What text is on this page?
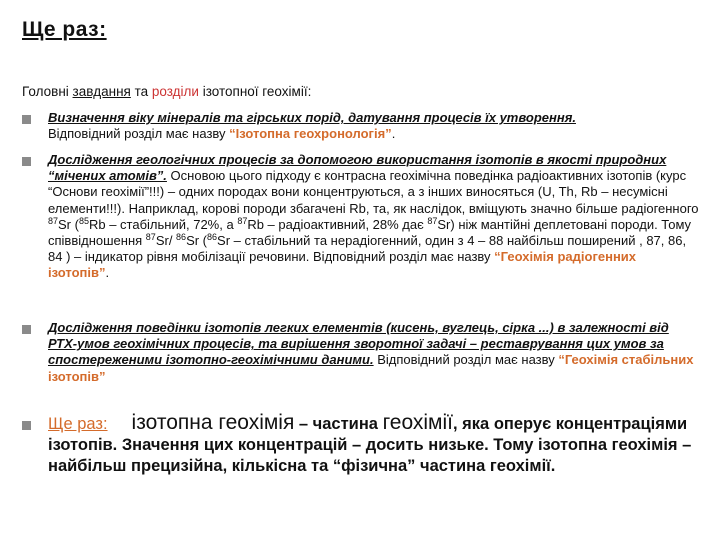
Ще раз:
Головні завдання та розділи ізотопної геохімії:
Визначення віку мінералів та гірських порід, датування процесів їх утворення.
Відповідний розділ має назву “Ізотопна геохронологія”.
Дослідження геологічних процесів за допомогою використання ізотопів в якості природних “мічених атомів”. Основою цього підходу є контрасна геохімічна поведінка радіоактивних ізотопів (курс “Основи геохімії”!!!) – одних породах вони концентруються, а з інших виносяться (U, Th, Rb – несумісні елементи!!!). Наприклад, корові породи збагачені Rb, та, як наслідок, вміщують значно більше радіогенного $^{87}$Sr ($^{85}$Rb – стабільний, 72%, а $^{87}$Rb – радіоактивний, 28% дає $^{87}$Sr) ніж мантійні деплетовані породи. Тому співвідношення $^{87}$Sr/ $^{86}$Sr ($^{86}$Sr – стабільний та нерадіогенний, один з 4 – 88 найбільш поширений , 87, 86, 84 ) – індикатор рівня мобілізації речовини. Відповідний розділ має назву “Геохімія радіогенних ізотопів”.
Дослідження поведінки ізотопів легких елементів (кисень, вуглець, сірка ...) в залежності від РТХ-умов геохімічних процесів, та вирішення зворотної задачі – реставрування цих умов за спостереженими ізотопно-геохімічними даними. Відповідний розділ має назву “Геохімія стабільних ізотопів”
Ще раз: ізотопна геохімія – частина геохімії, яка оперує концентраціями ізотопів. Значення цих концентрацій – досить низьке. Тому ізотопна геохімія – найбільш прецизійна, кількісна та “фізична” частина геохімії.
